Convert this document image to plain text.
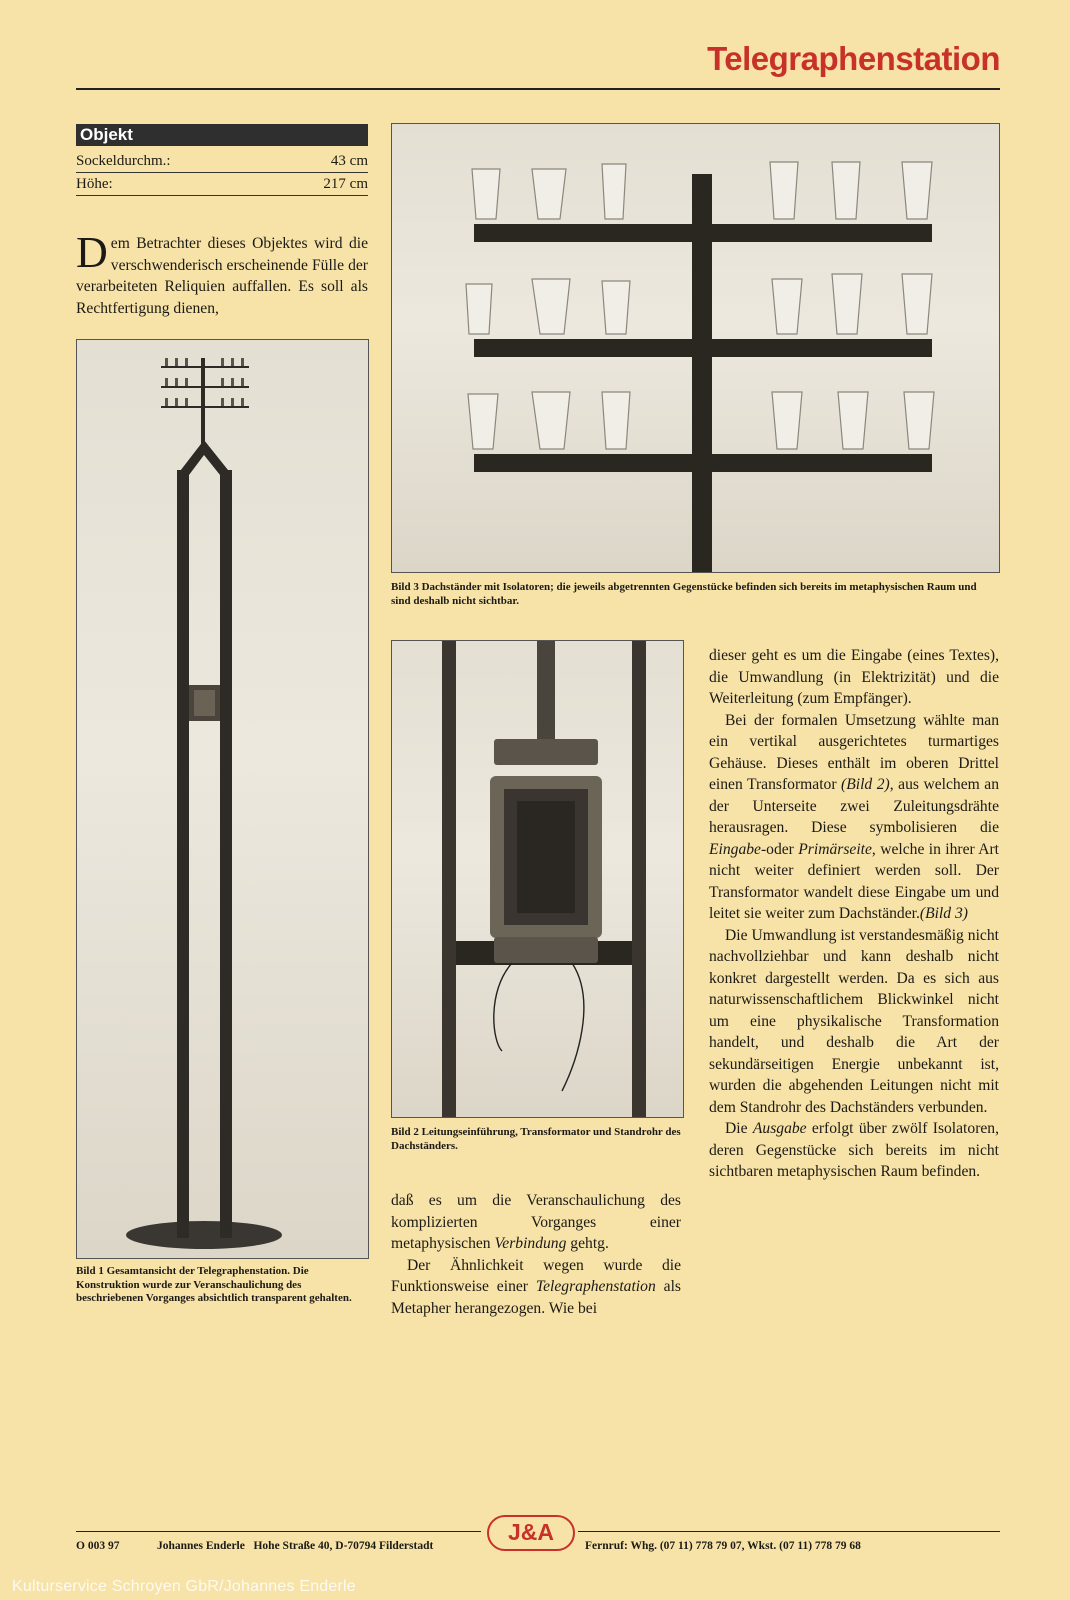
Telegraphenstation
Objekt
Sockeldurchm.:	43 cm
Höhe:	217 cm
Dem Betrachter dieses Objektes wird die verschwenderisch erscheinende Fülle der verarbeiteten Reliquien auffallen. Es soll als Rechtfertigung dienen,
Bild 1 Gesamtansicht der Telegraphenstation. Die Konstruktion wurde zur Veranschaulichung des beschriebenen Vorganges absichtlich transparent gehalten.
Bild 3 Dachständer mit Isolatoren; die jeweils abgetrennten Gegenstücke befinden sich bereits im metaphysischen Raum und sind deshalb nicht sichtbar.
Bild 2 Leitungseinführung, Transformator und Standrohr des Dachständers.

daß es um die Veranschaulichung des komplizierten Vorganges einer metaphysischen Verbindung gehtg.

Der Ähnlichkeit wegen wurde die Funktionsweise einer Telegraphenstation als Metapher herangezogen. Wie bei

dieser geht es um die Eingabe (eines Textes), die Umwandlung (in Elektrizität) und die Weiterleitung (zum Empfänger).

Bei der formalen Umsetzung wählte man ein vertikal ausgerichtetes turmartiges Gehäuse. Dieses enthält im oberen Drittel einen Transformator (Bild 2), aus welchem an der Unterseite zwei Zuleitungsdrähte herausragen. Diese symbolisieren die Eingabe-oder Primärseite, welche in ihrer Art nicht weiter definiert werden soll. Der Transformator wandelt diese Eingabe um und leitet sie weiter zum Dachständer.(Bild 3)

Die Umwandlung ist verstandesmäßig nicht nachvollziehbar und kann deshalb nicht konkret dargestellt werden. Da es sich aus naturwissenschaftlichem Blickwinkel nicht um eine physikalische Transformation handelt, und deshalb die Art der sekundärseitigen Energie unbekannt ist, wurden die abgehenden Leitungen nicht mit dem Standrohr des Dachständers verbunden.

Die Ausgabe erfolgt über zwölf Isolatoren, deren Gegenstücke sich bereits im nicht sichtbaren metaphysischen Raum befinden.

O 003 97	Johannes Enderle   Hohe Straße 40, D-70794 Filderstadt
J&A
Fernruf: Whg. (07 11) 778 79 07, Wkst. (07 11) 778 79 68
Kulturservice Schroyen GbR/Johannes Enderle
